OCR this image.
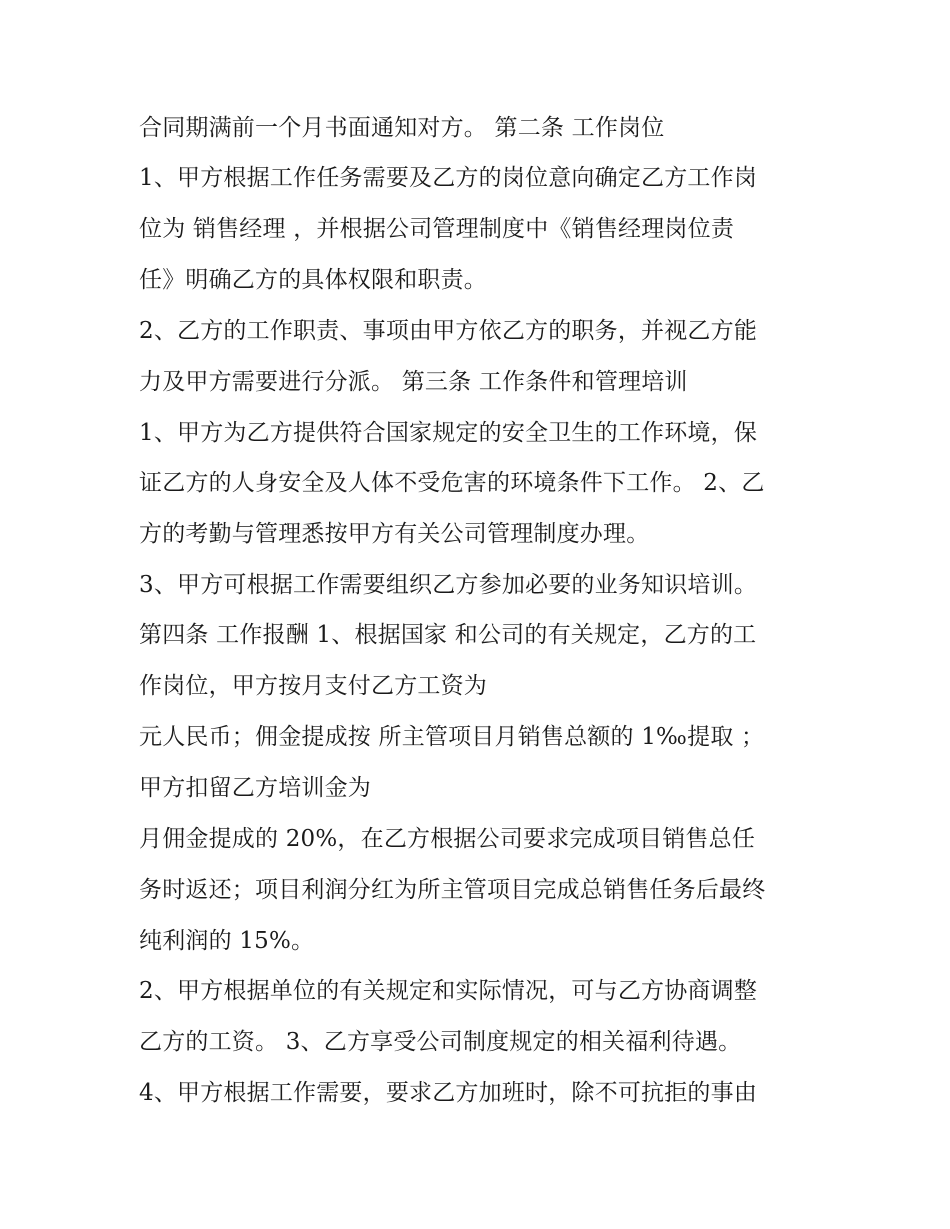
合同期满前一个月书面通知对方。 第二条 工作岗位
1、甲方根据工作任务需要及乙方的岗位意向确定乙方工作岗
位为 销售经理 ，并根据公司管理制度中《销售经理岗位责
任》明确乙方的具体权限和职责。
2、乙方的工作职责、事项由甲方依乙方的职务，并视乙方能
力及甲方需要进行分派。 第三条 工作条件和管理培训
1、甲方为乙方提供符合国家规定的安全卫生的工作环境，保
证乙方的人身安全及人体不受危害的环境条件下工作。 2、乙
方的考勤与管理悉按甲方有关公司管理制度办理。
3、甲方可根据工作需要组织乙方参加必要的业务知识培训。
第四条 工作报酬 1、根据国家 和公司的有关规定，乙方的工
作岗位，甲方按月支付乙方工资为
元人民币；佣金提成按 所主管项目月销售总额的 1‰提取 ；
甲方扣留乙方培训金为
月佣金提成的 20%，在乙方根据公司要求完成项目销售总任
务时返还；项目利润分红为所主管项目完成总销售任务后最终
纯利润的 15%。
2、甲方根据单位的有关规定和实际情况，可与乙方协商调整
乙方的工资。 3、乙方享受公司制度规定的相关福利待遇。
4、甲方根据工作需要，要求乙方加班时，除不可抗拒的事由
